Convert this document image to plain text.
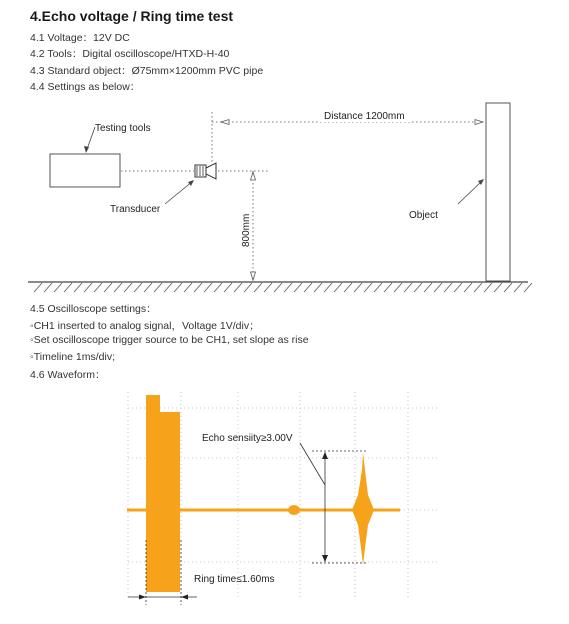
4.Echo voltage / Ring time test
4.1 Voltage：12V DC
4.2 Tools：Digital oscilloscope/HTXD-H-40
4.3 Standard object：Ø75mm×1200mm PVC pipe
4.4 Settings as below：
Testing tools
Transducer
Distance 1200mm
800mm	Object
4.5 Oscilloscope settings：
◦CH1 inserted to analog signal，Voltage 1V/div；
◦Set oscilloscope trigger source to be CH1, set slope as rise
◦Timeline 1ms/div;
4.6 Waveform：
Echo sensiity≥3.00V
Ring time≤1.60ms
